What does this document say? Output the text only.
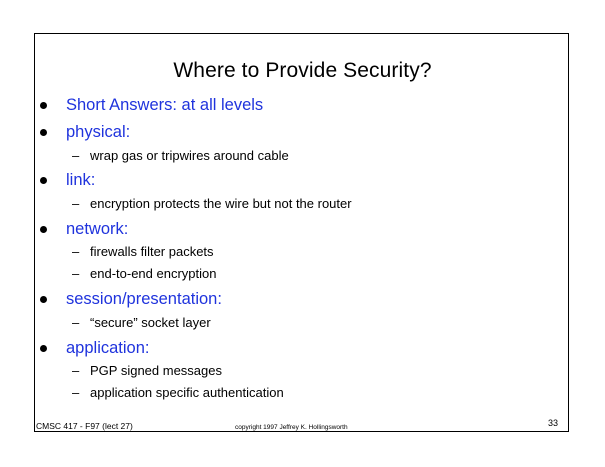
Where to Provide Security?
Short Answers: at all levels
physical:
– wrap gas or tripwires around cable
link:
– encryption protects the wire but not the router
network:
– firewalls filter packets
– end-to-end encryption
session/presentation:
– “secure” socket layer
application:
– PGP signed messages
– application specific authentication
CMSC 417 - F97 (lect 27)	copyright 1997 Jeffrey K. Hollingsworth	33
